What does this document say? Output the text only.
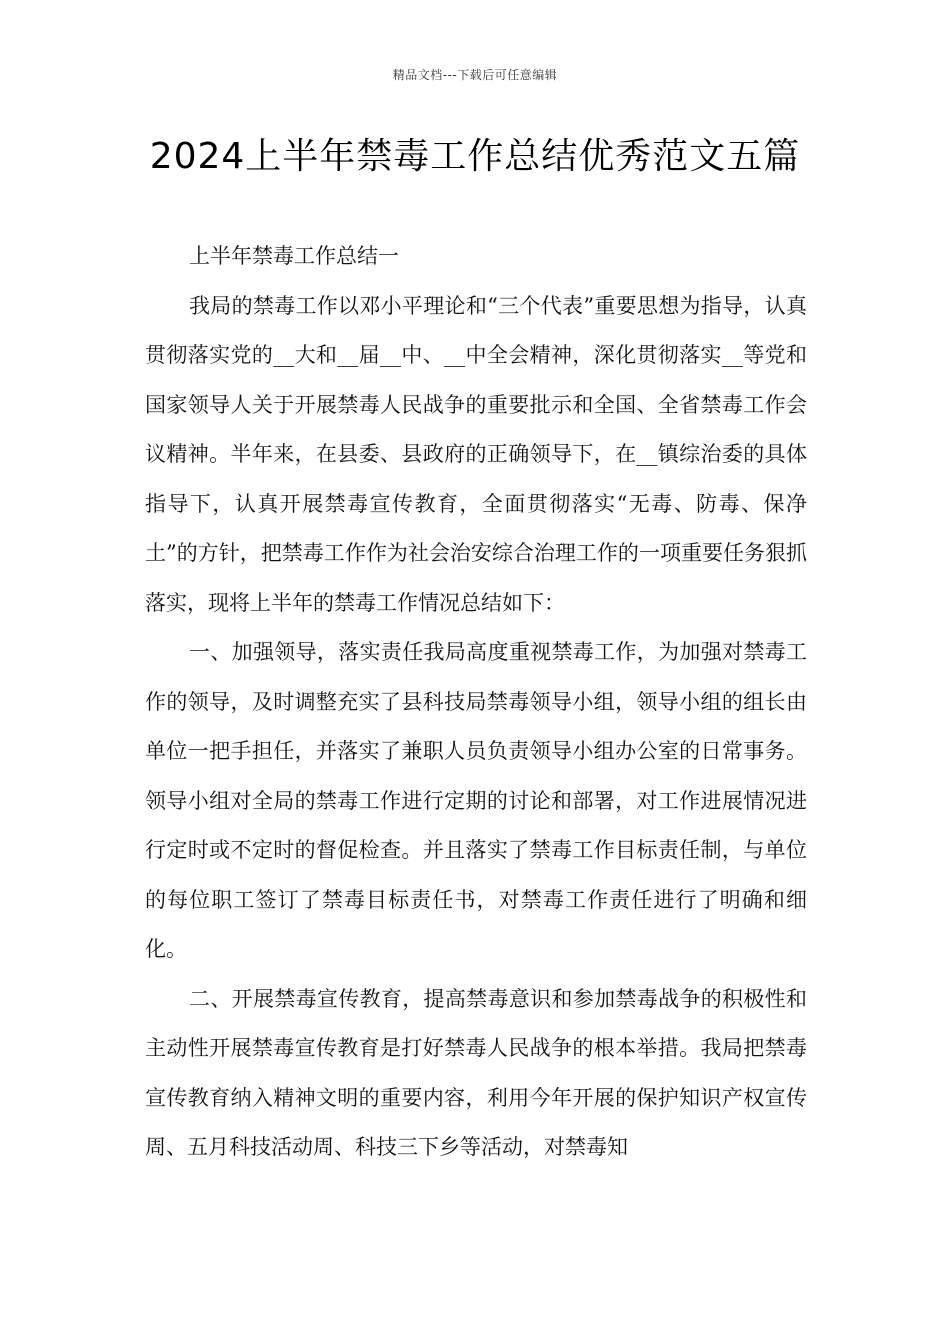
精品文档---下载后可任意编辑
2024上半年禁毒工作总结优秀范文五篇

上半年禁毒工作总结一

我局的禁毒工作以邓小平理论和“三个代表”重要思想为指导，认真贯彻落实党的__大和__届__中、__中全会精神，深化贯彻落实__等党和国家领导人关于开展禁毒人民战争的重要批示和全国、全省禁毒工作会议精神。半年来，在县委、县政府的正确领导下，在__镇综治委的具体指导下，认真开展禁毒宣传教育，全面贯彻落实“无毒、防毒、保净土”的方针，把禁毒工作作为社会治安综合治理工作的一项重要任务狠抓落实，现将上半年的禁毒工作情况总结如下：

一、加强领导，落实责任我局高度重视禁毒工作，为加强对禁毒工作的领导，及时调整充实了县科技局禁毒领导小组，领导小组的组长由单位一把手担任，并落实了兼职人员负责领导小组办公室的日常事务。领导小组对全局的禁毒工作进行定期的讨论和部署，对工作进展情况进行定时或不定时的督促检查。并且落实了禁毒工作目标责任制，与单位的每位职工签订了禁毒目标责任书，对禁毒工作责任进行了明确和细化。

二、开展禁毒宣传教育，提高禁毒意识和参加禁毒战争的积极性和主动性开展禁毒宣传教育是打好禁毒人民战争的根本举措。我局把禁毒宣传教育纳入精神文明的重要内容，利用今年开展的保护知识产权宣传周、五月科技活动周、科技三下乡等活动，对禁毒知
